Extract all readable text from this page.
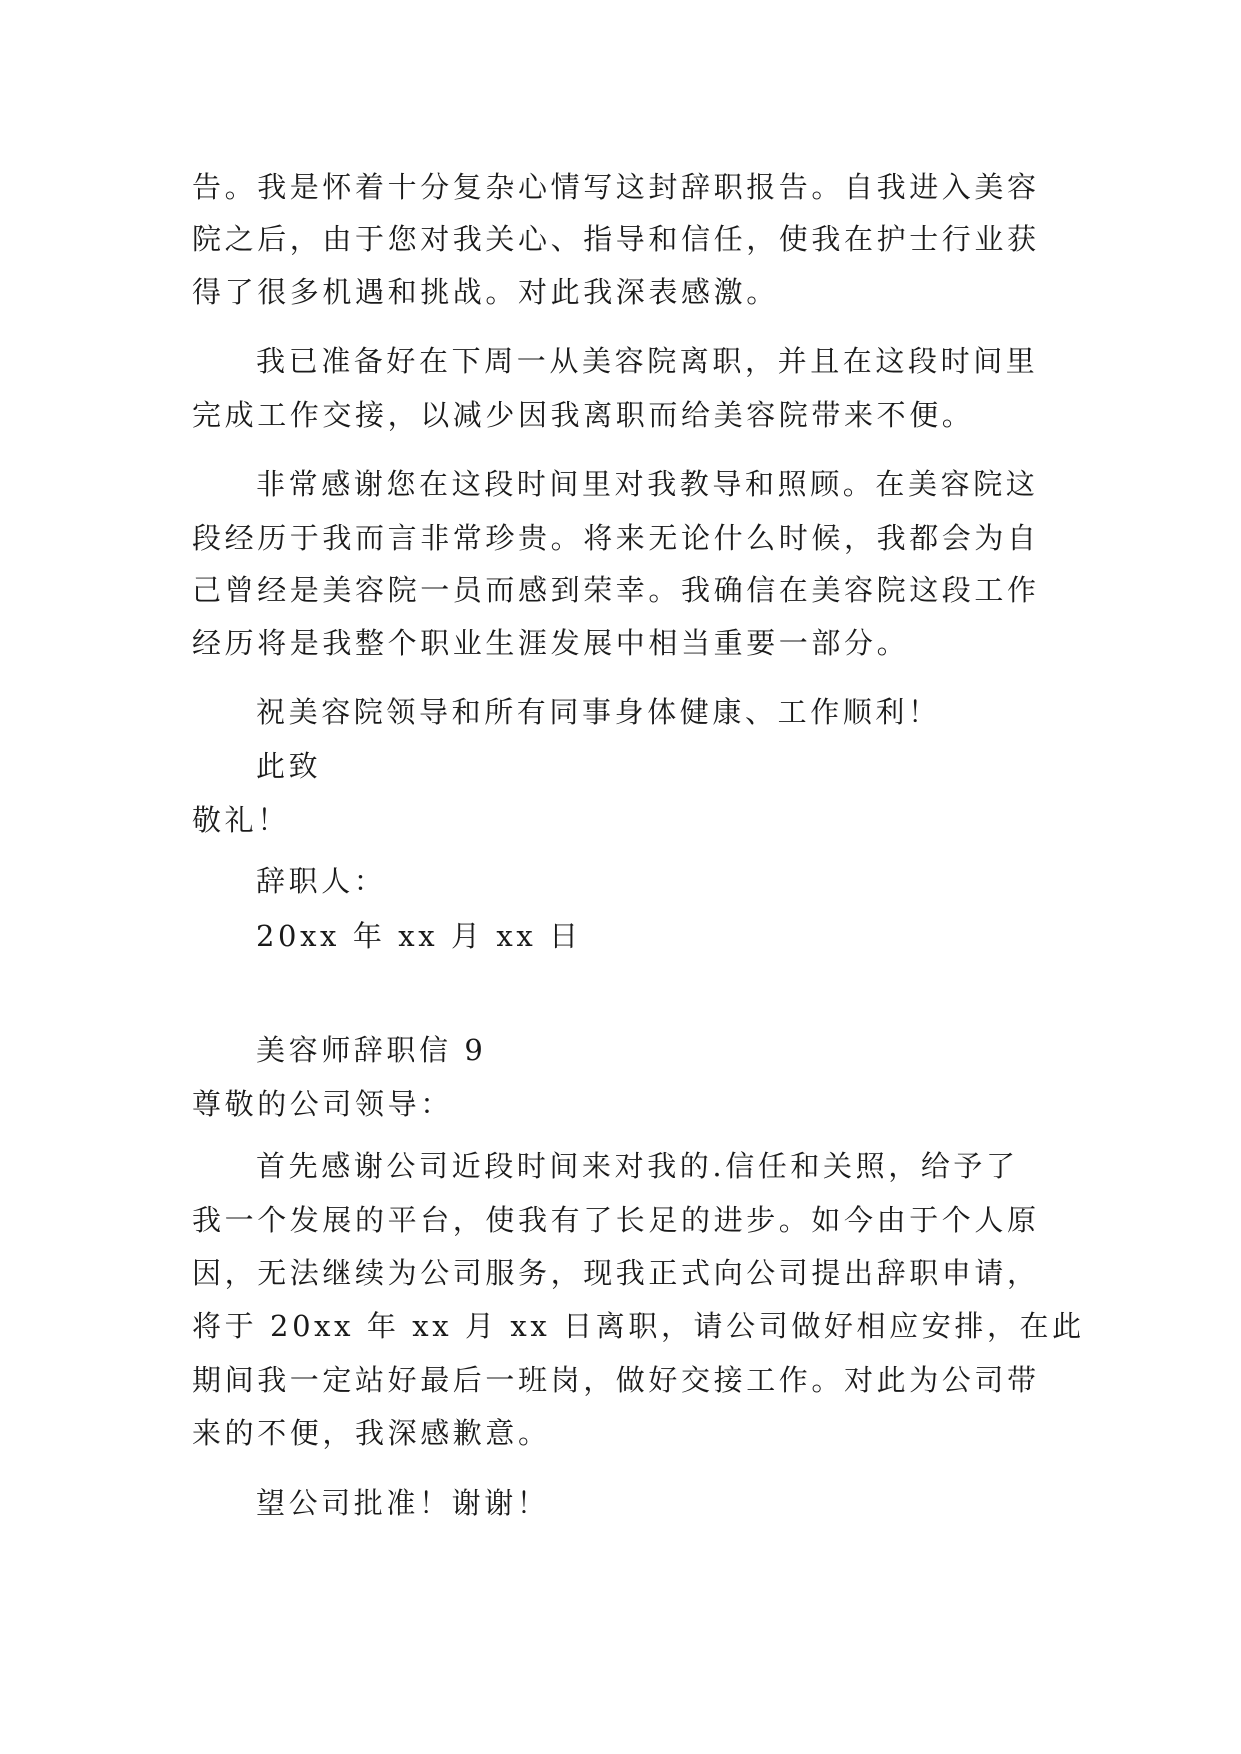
告。我是怀着十分复杂心情写这封辞职报告。自我进入美容
院之后，由于您对我关心、指导和信任，使我在护士行业获
得了很多机遇和挑战。对此我深表感激。
我已准备好在下周一从美容院离职，并且在这段时间里
完成工作交接，以减少因我离职而给美容院带来不便。
非常感谢您在这段时间里对我教导和照顾。在美容院这
段经历于我而言非常珍贵。将来无论什么时候，我都会为自
己曾经是美容院一员而感到荣幸。我确信在美容院这段工作
经历将是我整个职业生涯发展中相当重要一部分。
祝美容院领导和所有同事身体健康、工作顺利！
此致
敬礼！
辞职人：
20xx 年 xx 月 xx 日
美容师辞职信 9
尊敬的公司领导：
首先感谢公司近段时间来对我的.信任和关照，给予了
我一个发展的平台，使我有了长足的进步。如今由于个人原
因，无法继续为公司服务，现我正式向公司提出辞职申请，
将于 20xx 年 xx 月 xx 日离职，请公司做好相应安排，在此
期间我一定站好最后一班岗，做好交接工作。对此为公司带
来的不便，我深感歉意。
望公司批准！谢谢！
